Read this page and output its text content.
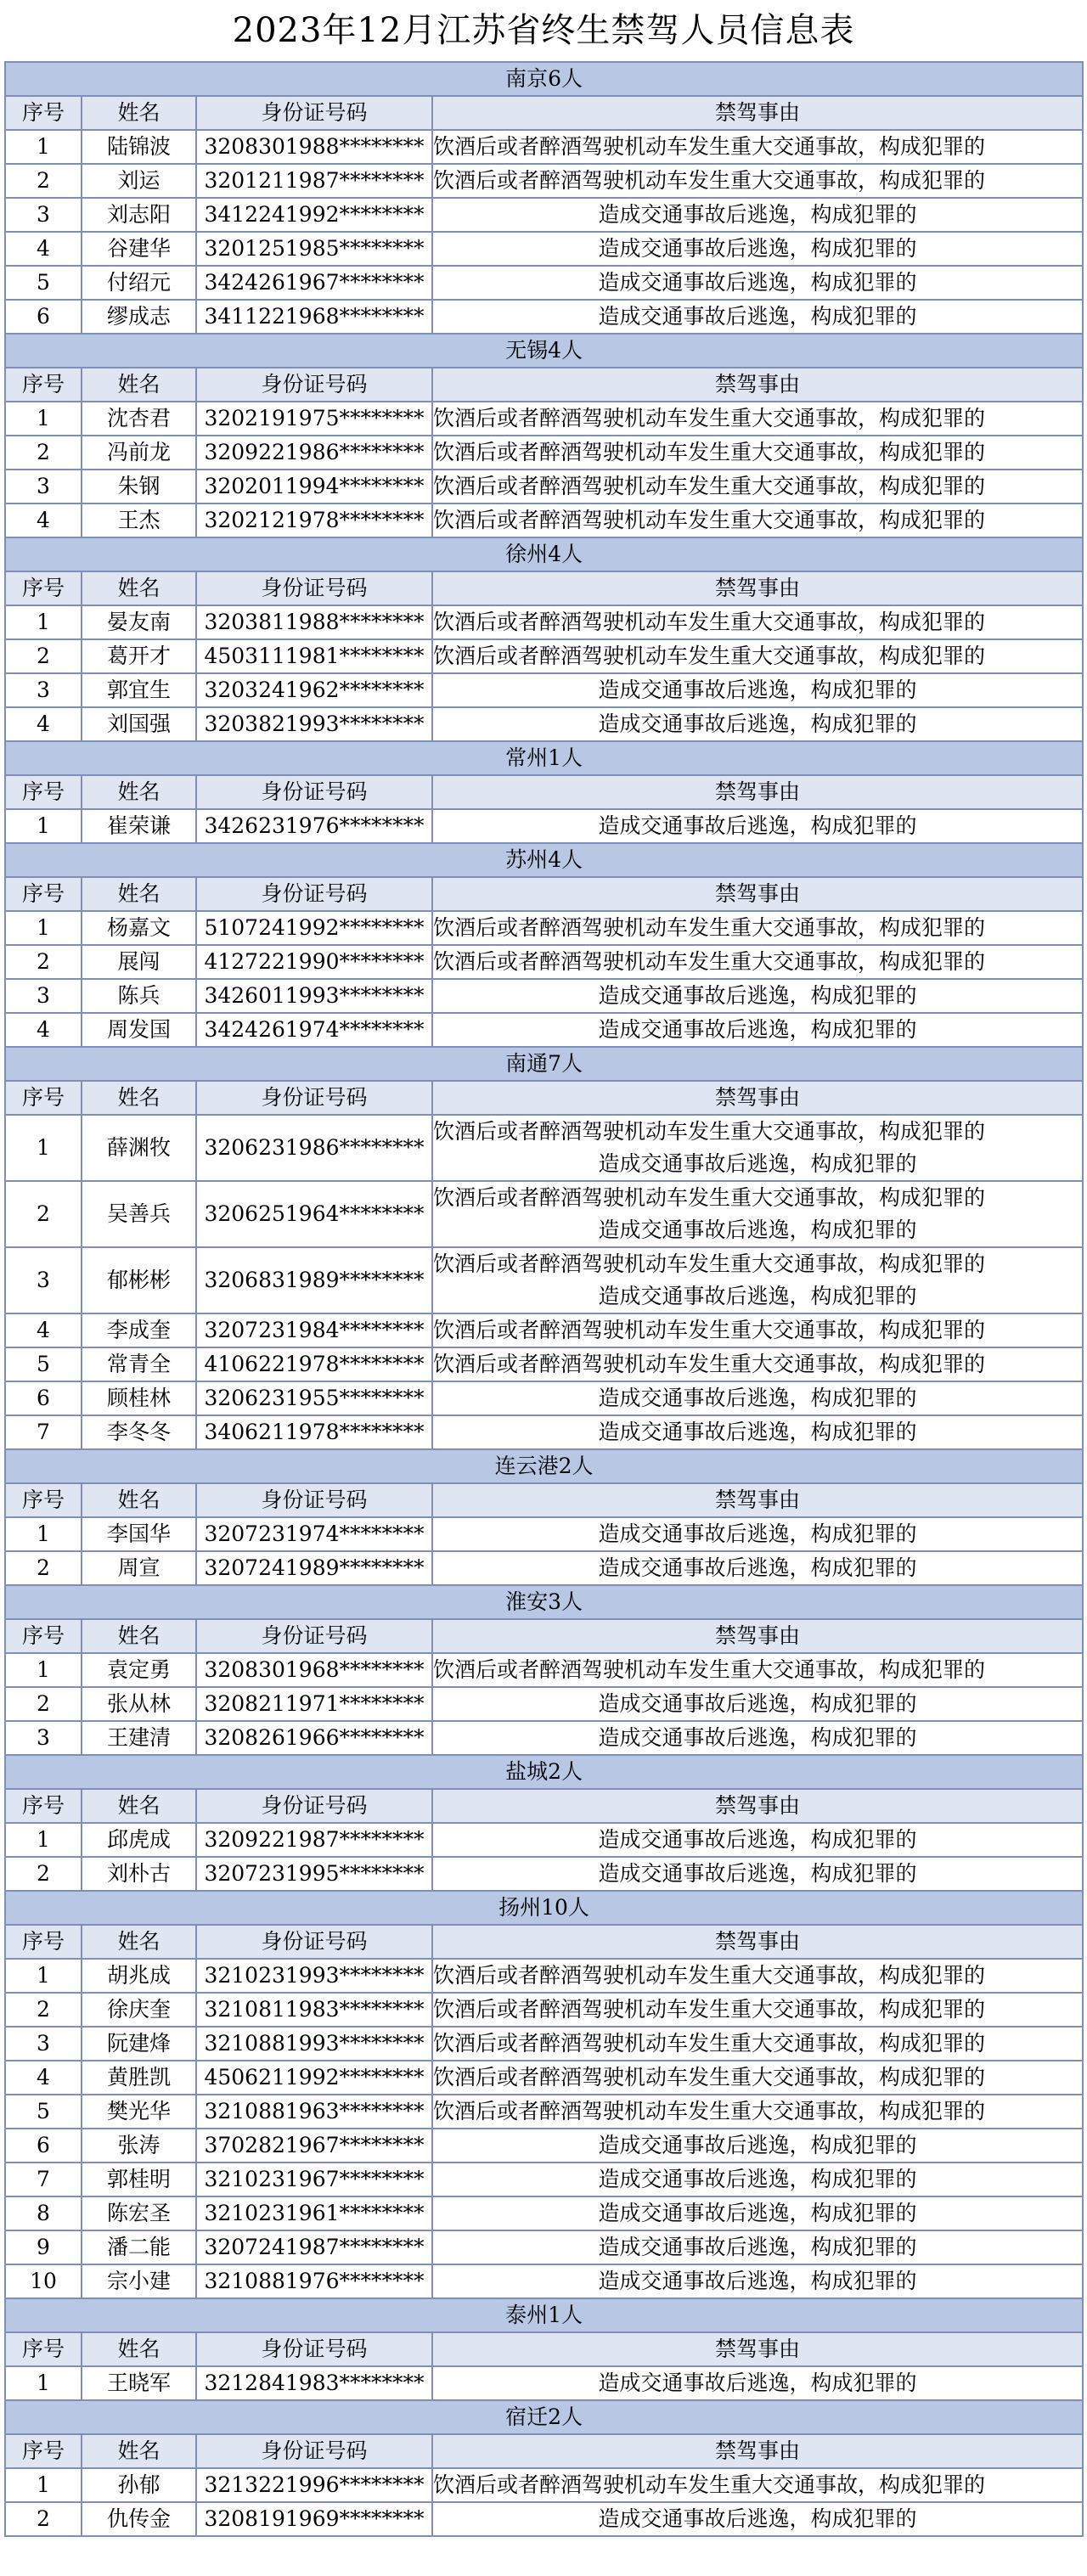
2023年12月江苏省终生禁驾人员信息表
南京6人			
序号	姓名	身份证号码	禁驾事由
1	陆锦波	3208301988********	饮酒后或者醉酒驾驶机动车发生重大交通事故，构成犯罪的

2	刘运	3201211987********	饮酒后或者醉酒驾驶机动车发生重大交通事故，构成犯罪的

3	刘志阳	3412241992********	造成交通事故后逃逸，构成犯罪的

4	谷建华	3201251985********	造成交通事故后逃逸，构成犯罪的

5	付绍元	3424261967********	造成交通事故后逃逸，构成犯罪的

6	缪成志	3411221968********	造成交通事故后逃逸，构成犯罪的

无锡4人			
序号	姓名	身份证号码	禁驾事由
1	沈杏君	3202191975********	饮酒后或者醉酒驾驶机动车发生重大交通事故，构成犯罪的

2	冯前龙	3209221986********	饮酒后或者醉酒驾驶机动车发生重大交通事故，构成犯罪的

3	朱钢	3202011994********	饮酒后或者醉酒驾驶机动车发生重大交通事故，构成犯罪的

4	王杰	3202121978********	饮酒后或者醉酒驾驶机动车发生重大交通事故，构成犯罪的

徐州4人			
序号	姓名	身份证号码	禁驾事由
1	晏友南	3203811988********	饮酒后或者醉酒驾驶机动车发生重大交通事故，构成犯罪的

2	葛开才	4503111981********	饮酒后或者醉酒驾驶机动车发生重大交通事故，构成犯罪的

3	郭宜生	3203241962********	造成交通事故后逃逸，构成犯罪的

4	刘国强	3203821993********	造成交通事故后逃逸，构成犯罪的

常州1人			
序号	姓名	身份证号码	禁驾事由
1	崔荣谦	3426231976********	造成交通事故后逃逸，构成犯罪的

苏州4人			
序号	姓名	身份证号码	禁驾事由
1	杨嘉文	5107241992********	饮酒后或者醉酒驾驶机动车发生重大交通事故，构成犯罪的

2	展闯	4127221990********	饮酒后或者醉酒驾驶机动车发生重大交通事故，构成犯罪的

3	陈兵	3426011993********	造成交通事故后逃逸，构成犯罪的

4	周发国	3424261974********	造成交通事故后逃逸，构成犯罪的

南通7人			
序号	姓名	身份证号码	禁驾事由
1	薛渊牧	3206231986********	饮酒后或者醉酒驾驶机动车发生重大交通事故，构成犯罪的
造成交通事故后逃逸，构成犯罪的

2	吴善兵	3206251964********	饮酒后或者醉酒驾驶机动车发生重大交通事故，构成犯罪的
造成交通事故后逃逸，构成犯罪的

3	郁彬彬	3206831989********	饮酒后或者醉酒驾驶机动车发生重大交通事故，构成犯罪的
造成交通事故后逃逸，构成犯罪的

4	李成奎	3207231984********	饮酒后或者醉酒驾驶机动车发生重大交通事故，构成犯罪的

5	常青全	4106221978********	饮酒后或者醉酒驾驶机动车发生重大交通事故，构成犯罪的

6	顾桂林	3206231955********	造成交通事故后逃逸，构成犯罪的

7	李冬冬	3406211978********	造成交通事故后逃逸，构成犯罪的

连云港2人			
序号	姓名	身份证号码	禁驾事由
1	李国华	3207231974********	造成交通事故后逃逸，构成犯罪的

2	周宣	3207241989********	造成交通事故后逃逸，构成犯罪的

淮安3人			
序号	姓名	身份证号码	禁驾事由
1	袁定勇	3208301968********	饮酒后或者醉酒驾驶机动车发生重大交通事故，构成犯罪的

2	张从林	3208211971********	造成交通事故后逃逸，构成犯罪的

3	王建清	3208261966********	造成交通事故后逃逸，构成犯罪的

盐城2人			
序号	姓名	身份证号码	禁驾事由
1	邱虎成	3209221987********	造成交通事故后逃逸，构成犯罪的

2	刘朴古	3207231995********	造成交通事故后逃逸，构成犯罪的

扬州10人			
序号	姓名	身份证号码	禁驾事由
1	胡兆成	3210231993********	饮酒后或者醉酒驾驶机动车发生重大交通事故，构成犯罪的

2	徐庆奎	3210811983********	饮酒后或者醉酒驾驶机动车发生重大交通事故，构成犯罪的

3	阮建烽	3210881993********	饮酒后或者醉酒驾驶机动车发生重大交通事故，构成犯罪的

4	黄胜凯	4506211992********	饮酒后或者醉酒驾驶机动车发生重大交通事故，构成犯罪的

5	樊光华	3210881963********	饮酒后或者醉酒驾驶机动车发生重大交通事故，构成犯罪的

6	张涛	3702821967********	造成交通事故后逃逸，构成犯罪的

7	郭桂明	3210231967********	造成交通事故后逃逸，构成犯罪的

8	陈宏圣	3210231961********	造成交通事故后逃逸，构成犯罪的

9	潘二能	3207241987********	造成交通事故后逃逸，构成犯罪的

10	宗小建	3210881976********	造成交通事故后逃逸，构成犯罪的

泰州1人			
序号	姓名	身份证号码	禁驾事由
1	王晓军	3212841983********	造成交通事故后逃逸，构成犯罪的

宿迁2人			
序号	姓名	身份证号码	禁驾事由
1	孙郁	3213221996********	饮酒后或者醉酒驾驶机动车发生重大交通事故，构成犯罪的

2	仇传金	3208191969********	造成交通事故后逃逸，构成犯罪的
